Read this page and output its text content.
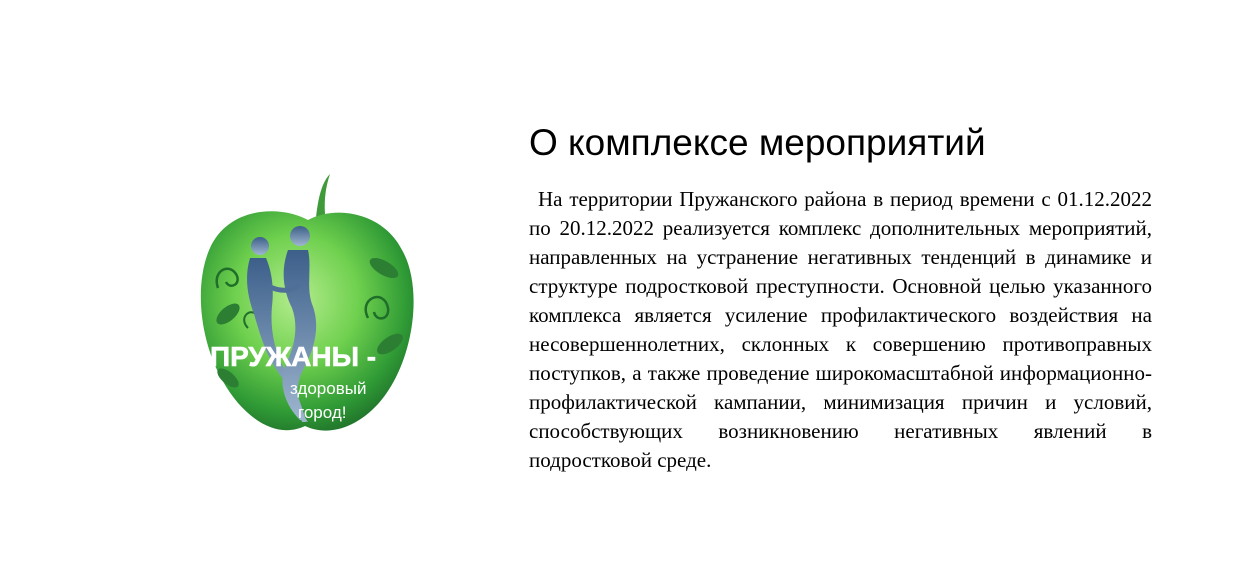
ПРУЖАНЫ -
здоровый
город!
О комплексе мероприятий

На территории Пружанского района в период времени с 01.12.2022 по 20.12.2022 реализуется комплекс дополнительных мероприятий, направленных на устранение негативных тенденций в динамике и структуре подростковой преступности. Основной целью указанного комплекса является усиление профилактического воздействия на несовершеннолетних, склонных к совершению противоправных поступков, а также проведение широкомасштабной информационно-профилактической кампании, минимизация причин и условий, способствующих возникновению негативных явлений в подростковой среде.
